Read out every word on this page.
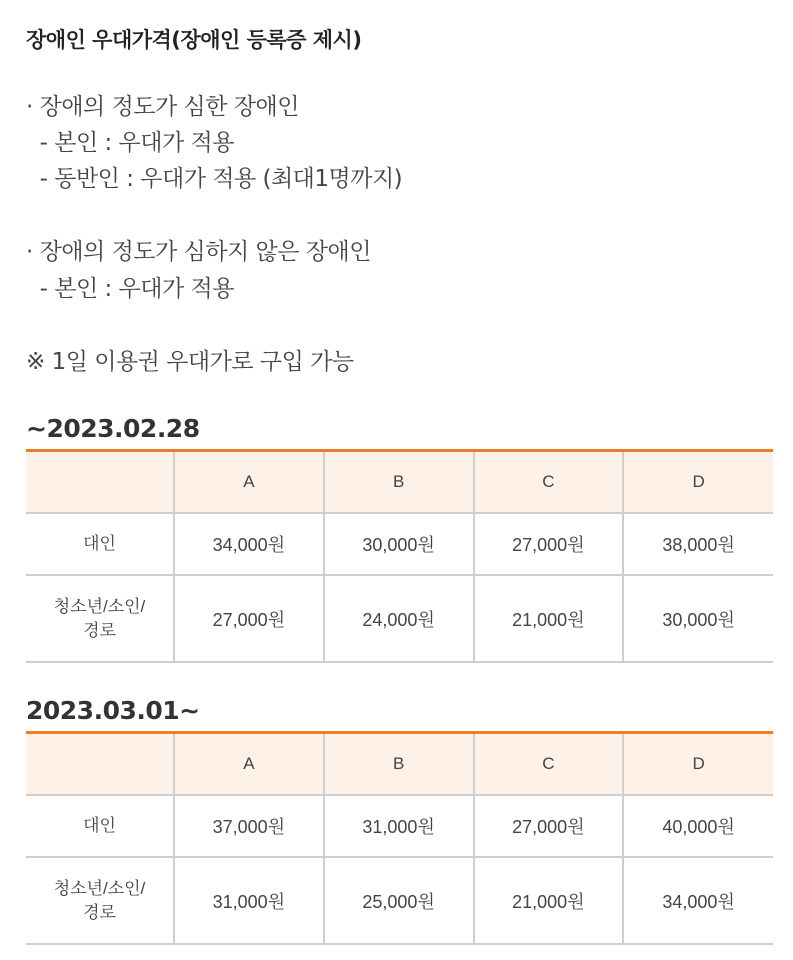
장애인 우대가격(장애인 등록증 제시)
· 장애의 정도가 심한 장애인
- 본인 : 우대가 적용
- 동반인 : 우대가 적용 (최대1명까지)
· 장애의 정도가 심하지 않은 장애인
- 본인 : 우대가 적용
※ 1일 이용권 우대가로 구입 가능
~2023.02.28
	A	B	C	D

대인	34,000원	30,000원	27,000원	38,000원

청소년/소인/
경로	27,000원	24,000원	21,000원	30,000원
2023.03.01~
	A	B	C	D

대인	37,000원	31,000원	27,000원	40,000원

청소년/소인/
경로	31,000원	25,000원	21,000원	34,000원
